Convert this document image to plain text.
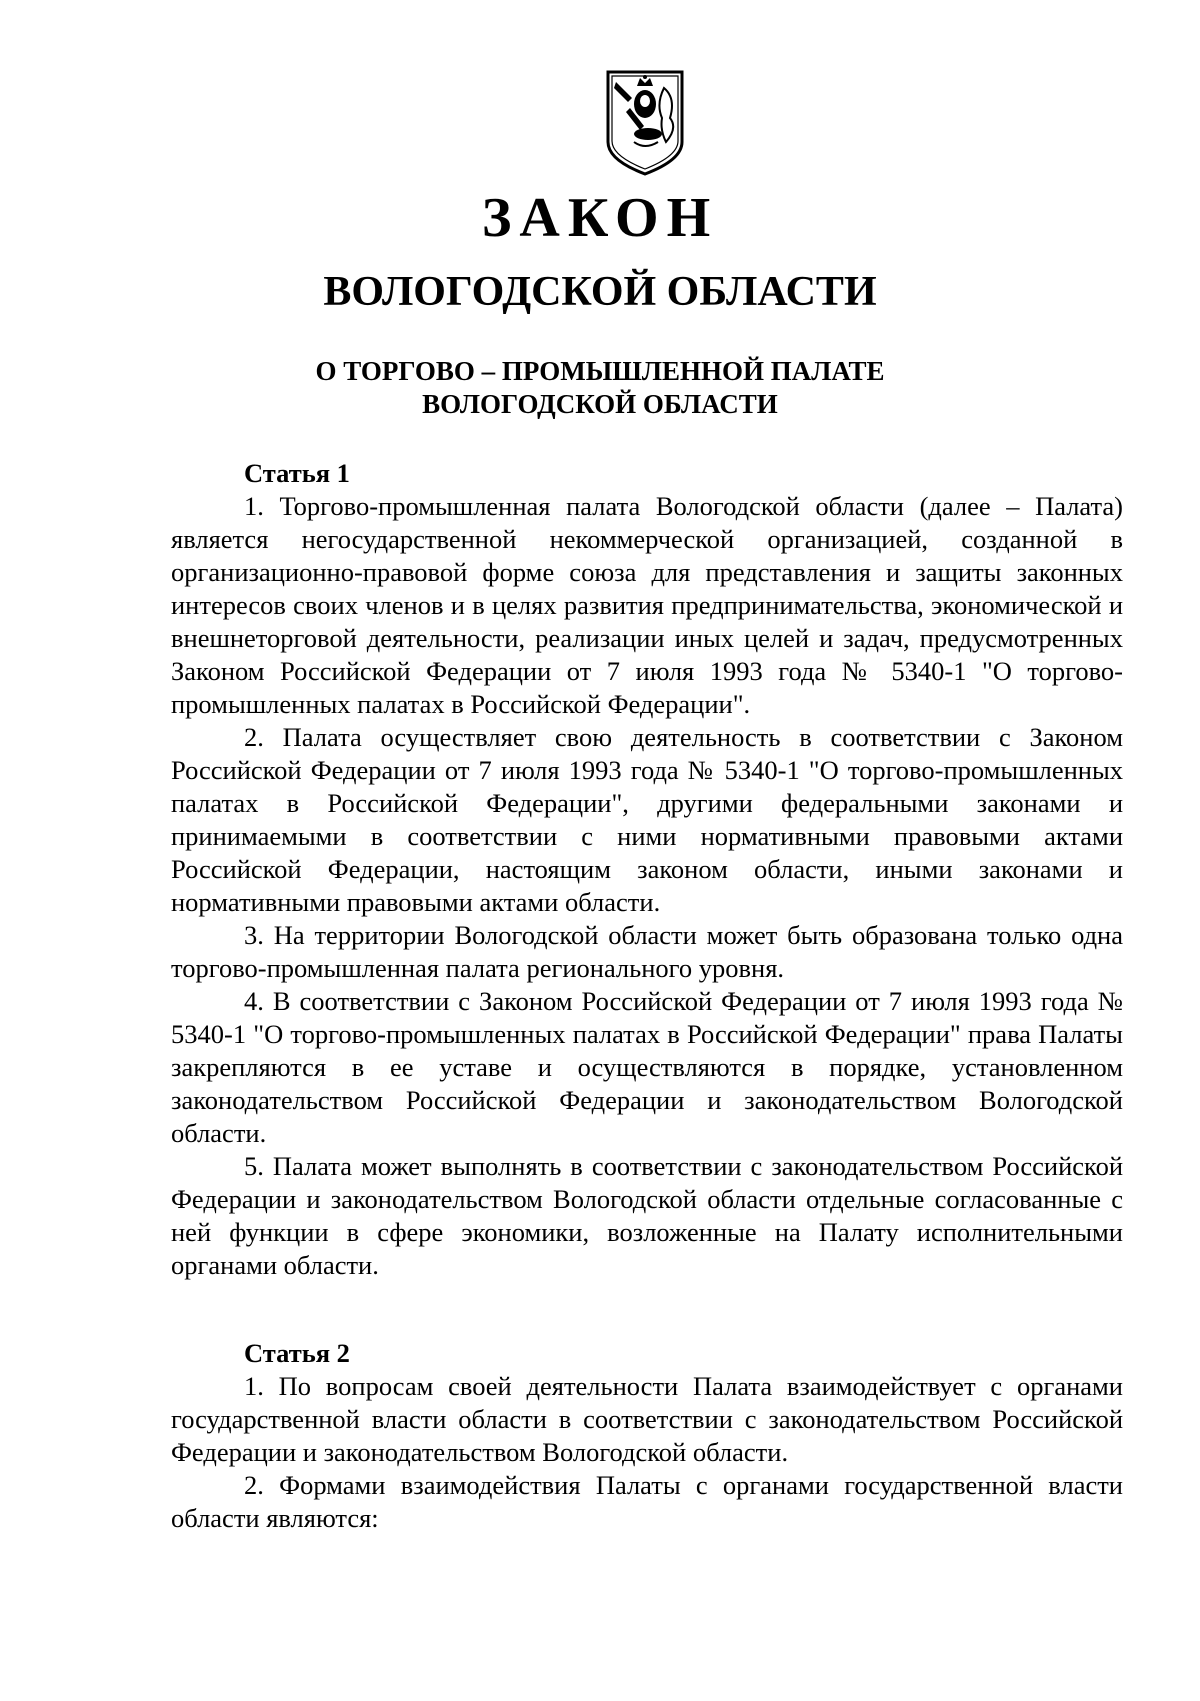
ЗАКОН
ВОЛОГОДСКОЙ ОБЛАСТИ
О ТОРГОВО – ПРОМЫШЛЕННОЙ ПАЛАТЕ
ВОЛОГОДСКОЙ ОБЛАСТИ
Статья 1

1. Торгово-промышленная палата Вологодской области (далее – Палата) является негосударственной некоммерческой организацией, созданной в организационно-правовой форме союза для представления и защиты законных интересов своих членов и в целях развития предпринимательства, экономической и внешнеторговой деятельности, реализации иных целей и задач, предусмотренных Законом Российской Федерации от 7 июля 1993 года № 5340-1 "О торгово-промышленных палатах в Российской Федерации".

2. Палата осуществляет свою деятельность в соответствии с Законом Российской Федерации от 7 июля 1993 года № 5340-1 "О торгово-промышленных палатах в Российской Федерации", другими федеральными законами и принимаемыми в соответствии с ними нормативными правовыми актами Российской Федерации, настоящим законом области, иными законами и нормативными правовыми актами области.

3. На территории Вологодской области может быть образована только одна торгово-промышленная палата регионального уровня.

4. В соответствии с Законом Российской Федерации от 7 июля 1993 года № 5340-1 "О торгово-промышленных палатах в Российской Федерации" права Палаты закрепляются в ее уставе и осуществляются в порядке, установленном законодательством Российской Федерации и законодательством Вологодской области.

5. Палата может выполнять в соответствии с законодательством Российской Федерации и законодательством Вологодской области отдельные согласованные с ней функции в сфере экономики, возложенные на Палату исполнительными органами области.

Статья 2

1. По вопросам своей деятельности Палата взаимодействует с органами государственной власти области в соответствии с законодательством Российской Федерации и законодательством Вологодской области.

2. Формами взаимодействия Палаты с органами государственной власти области являются:
